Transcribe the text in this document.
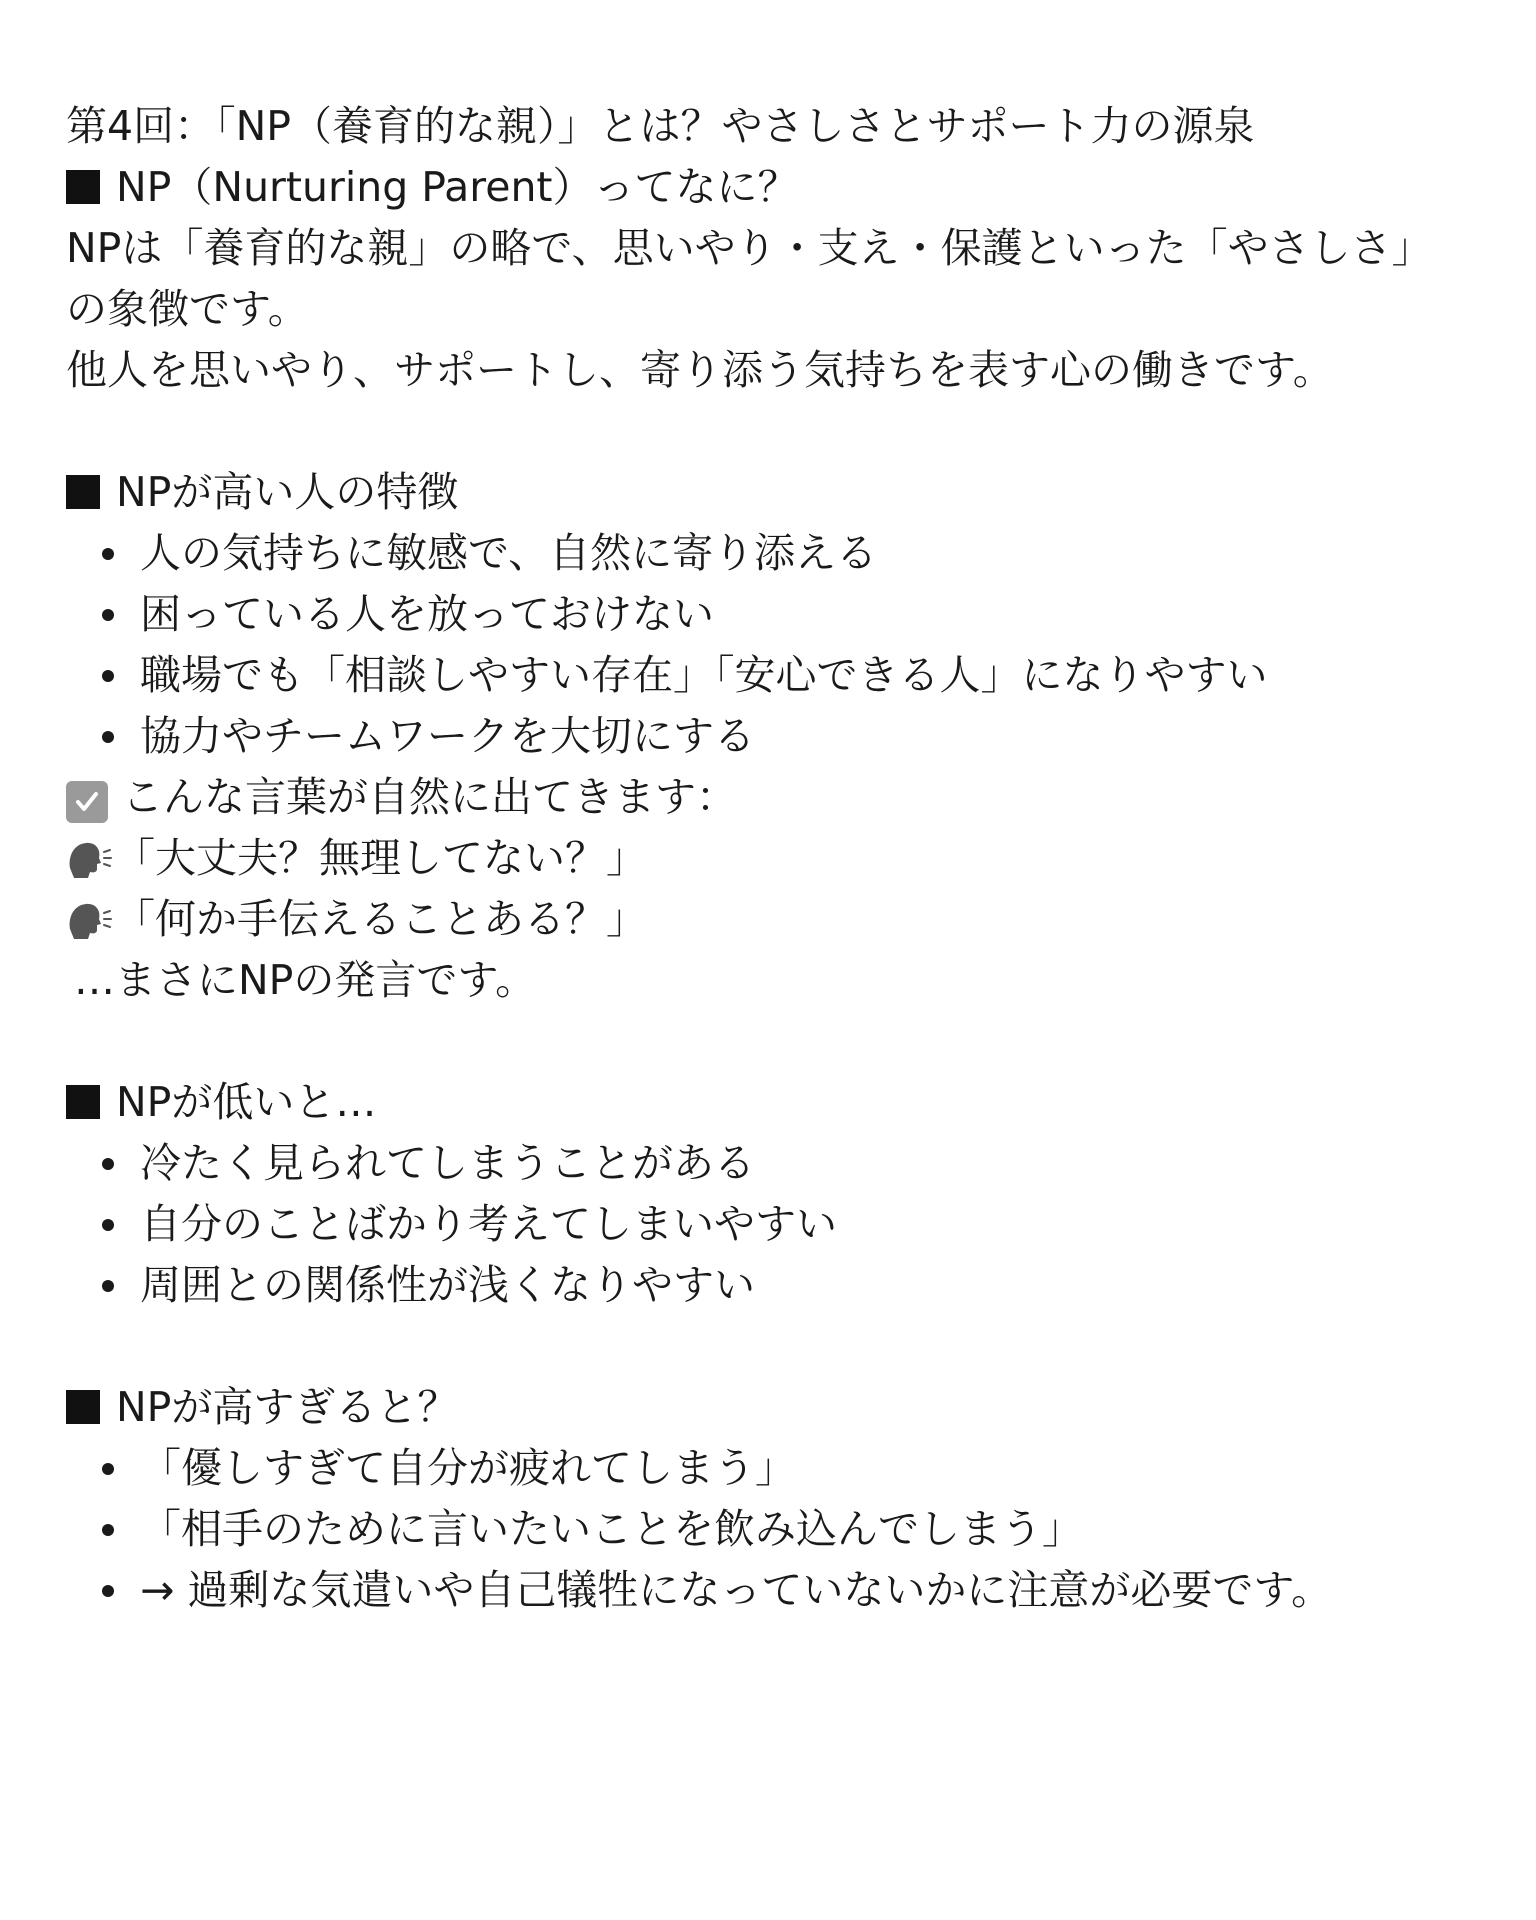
第4回：「NP（養育的な親）」とは？やさしさとサポート力の源泉
NP（Nurturing Parent）ってなに？
NPは「養育的な親」の略で、思いやり・支え・保護といった「やさしさ」の象徴です。
他人を思いやり、サポートし、寄り添う気持ちを表す心の働きです。
NPが高い人の特徴
人の気持ちに敏感で、自然に寄り添える
困っている人を放っておけない
職場でも「相談しやすい存在」「安心できる人」になりやすい
協力やチームワークを大切にする
こんな言葉が自然に出てきます：
「大丈夫？無理してない？」
「何か手伝えることある？」
…まさにNPの発言です。
NPが低いと…
冷たく見られてしまうことがある
自分のことばかり考えてしまいやすい
周囲との関係性が浅くなりやすい
NPが高すぎると？
「優しすぎて自分が疲れてしまう」
「相手のために言いたいことを飲み込んでしまう」
→ 過剰な気遣いや自己犠牲になっていないかに注意が必要です。
